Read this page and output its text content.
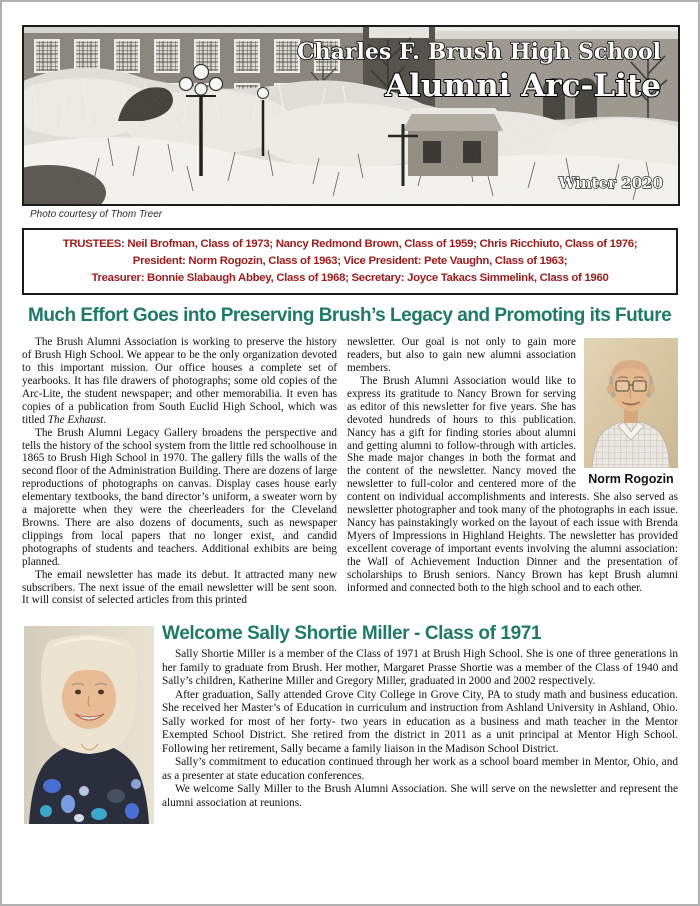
Charles F. Brush High School
Alumni Arc-Lite
Winter 2020
Photo courtesy of Thom Treer
TRUSTEES: Neil Brofman, Class of 1973; Nancy Redmond Brown, Class of 1959; Chris Ricchiuto, Class of 1976;
President: Norm Rogozin, Class of 1963; Vice President: Pete Vaughn, Class of 1963;
Treasurer: Bonnie Slabaugh Abbey, Class of 1968; Secretary: Joyce Takacs Simmelink, Class of 1960
Much Effort Goes into Preserving Brush’s Legacy and Promoting its Future

The Brush Alumni Association is working to preserve the history of Brush High School. We appear to be the only organization devoted to this important mission. Our office houses a complete set of yearbooks. It has file drawers of photographs; some old copies of the Arc-Lite, the student newspaper; and other memorabilia. It even has copies of a publication from South Euclid High School, which was titled The Exhaust.

The Brush Alumni Legacy Gallery broadens the perspective and tells the history of the school system from the little red schoolhouse in 1865 to Brush High School in 1970. The gallery fills the walls of the second floor of the Administration Building. There are dozens of large reproductions of photographs on canvas. Display cases house early elementary textbooks, the band director’s uniform, a sweater worn by a majorette when they were the cheerleaders for the Cleveland Browns. There are also dozens of documents, such as newspaper clippings from local papers that no longer exist, and candid photographs of students and teachers. Additional exhibits are being planned.

The email newsletter has made its debut. It attracted many new subscribers. The next issue of the email newsletter will be sent soon. It will consist of selected articles from this printed

Norm Rogozin

newsletter. Our goal is not only to gain more readers, but also to gain new alumni association members.

The Brush Alumni Association would like to express its gratitude to Nancy Brown for serving as editor of this newsletter for five years. She has devoted hundreds of hours to this publication. Nancy has a gift for finding stories about alumni and getting alumni to follow-through with articles. She made major changes in both the format and the content of the newsletter. Nancy moved the newsletter to full-color and centered more of the content on individual accomplishments and interests. She also served as newsletter photographer and took many of the photographs in each issue. Nancy has painstakingly worked on the layout of each issue with Brenda Myers of Impressions in Highland Heights. The newsletter has provided excellent coverage of important events involving the alumni association: the Wall of Achievement Induction Dinner and the presentation of scholarships to Brush seniors. Nancy Brown has kept Brush alumni informed and connected both to the high school and to each other.

Welcome Sally Shortie Miller - Class of 1971

Sally Shortie Miller is a member of the Class of 1971 at Brush High School. She is one of three generations in her family to graduate from Brush. Her mother, Margaret Prasse Shortie was a member of the Class of 1940 and Sally’s children, Katherine Miller and Gregory Miller, graduated in 2000 and 2002 respectively.

After graduation, Sally attended Grove City College in Grove City, PA to study math and business education. She received her Master’s of Education in curriculum and instruction from Ashland University in Ashland, Ohio. Sally worked for most of her forty- two years in education as a business and math teacher in the Mentor Exempted School District. She retired from the district in 2011 as a unit principal at Mentor High School. Following her retirement, Sally became a family liaison in the Madison School District.

Sally’s commitment to education continued through her work as a school board member in Mentor, Ohio, and as a presenter at state education conferences.

We welcome Sally Miller to the Brush Alumni Association. She will serve on the newsletter and represent the alumni association at reunions.
